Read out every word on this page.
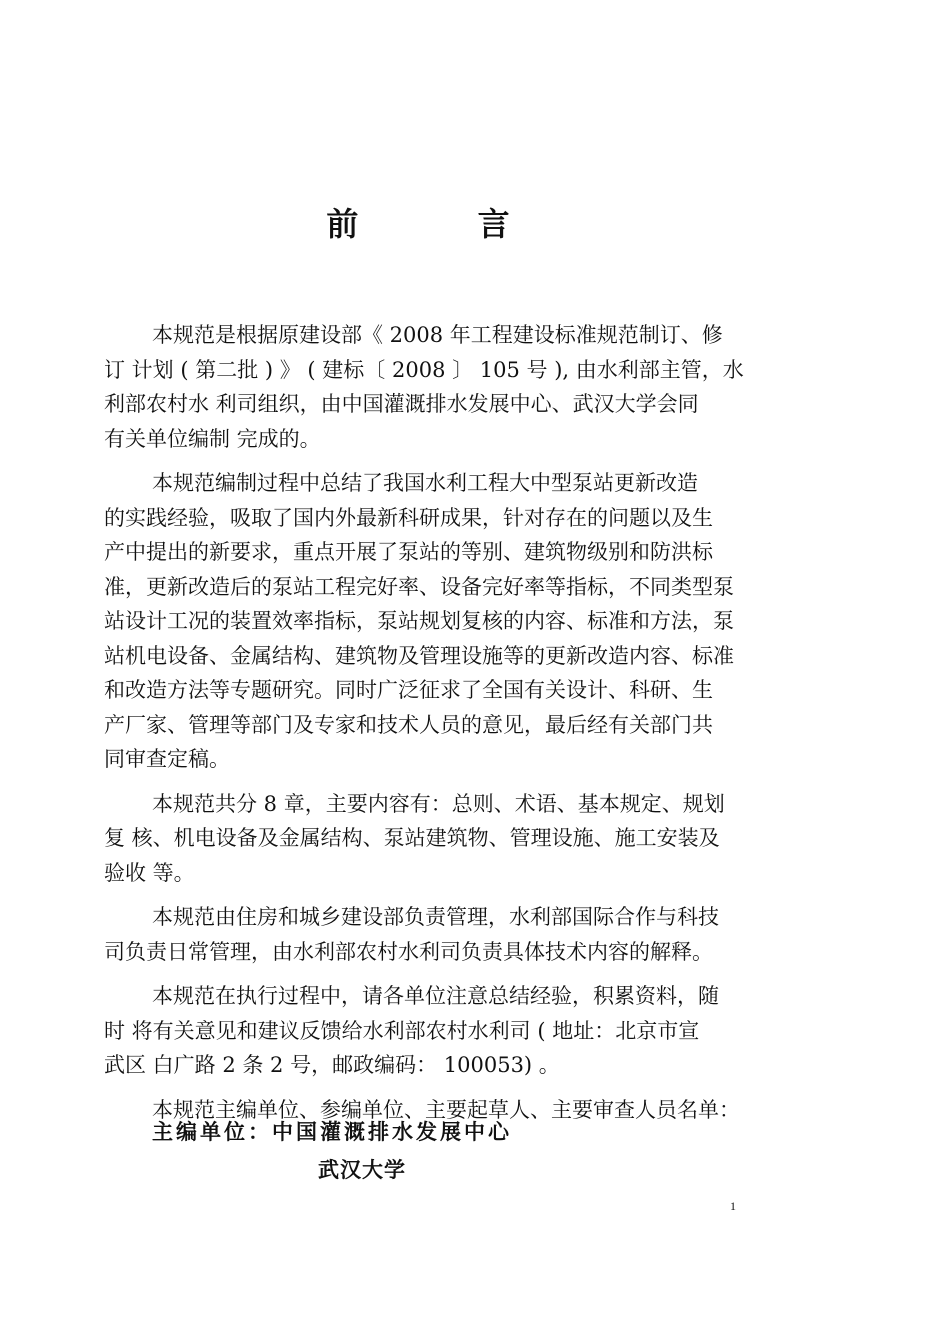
前 言

本规范是根据原建设部《 2008 年工程建设标准规范制订、修
订 计划 ( 第二批 ) 》 ( 建标〔 2008 〕 105 号 ), 由水利部主管，水
利部农村水 利司组织，由中国灌溉排水发展中心、武汉大学会同
有关单位编制 完成的。

本规范编制过程中总结了我国水利工程大中型泵站更新改造
的实践经验，吸取了国内外最新科研成果，针对存在的问题以及生
产中提出的新要求，重点开展了泵站的等别、建筑物级别和防洪标
准，更新改造后的泵站工程完好率、设备完好率等指标，不同类型泵
站设计工况的装置效率指标，泵站规划复核的内容、标准和方法，泵
站机电设备、金属结构、建筑物及管理设施等的更新改造内容、标准
和改造方法等专题研究。同时广泛征求了全国有关设计、科研、生
产厂家、管理等部门及专家和技术人员的意见，最后经有关部门共
同审查定稿。

本规范共分 8 章，主要内容有：总则、术语、基本规定、规划
复 核、机电设备及金属结构、泵站建筑物、管理设施、施工安装及
验收 等。

本规范由住房和城乡建设部负责管理，水利部国际合作与科技
司负责日常管理，由水利部农村水利司负责具体技术内容的解释。

本规范在执行过程中，请各单位注意总结经验，积累资料，随
时 将有关意见和建议反馈给水利部农村水利司 ( 地址：北京市宣
武区 白广路 2 条 2 号，邮政编码： 100053) 。

本规范主编单位、参编单位、主要起草人、主要审查人员名单：

主编单位：中国灌溉排水发展中心
武汉大学
1
